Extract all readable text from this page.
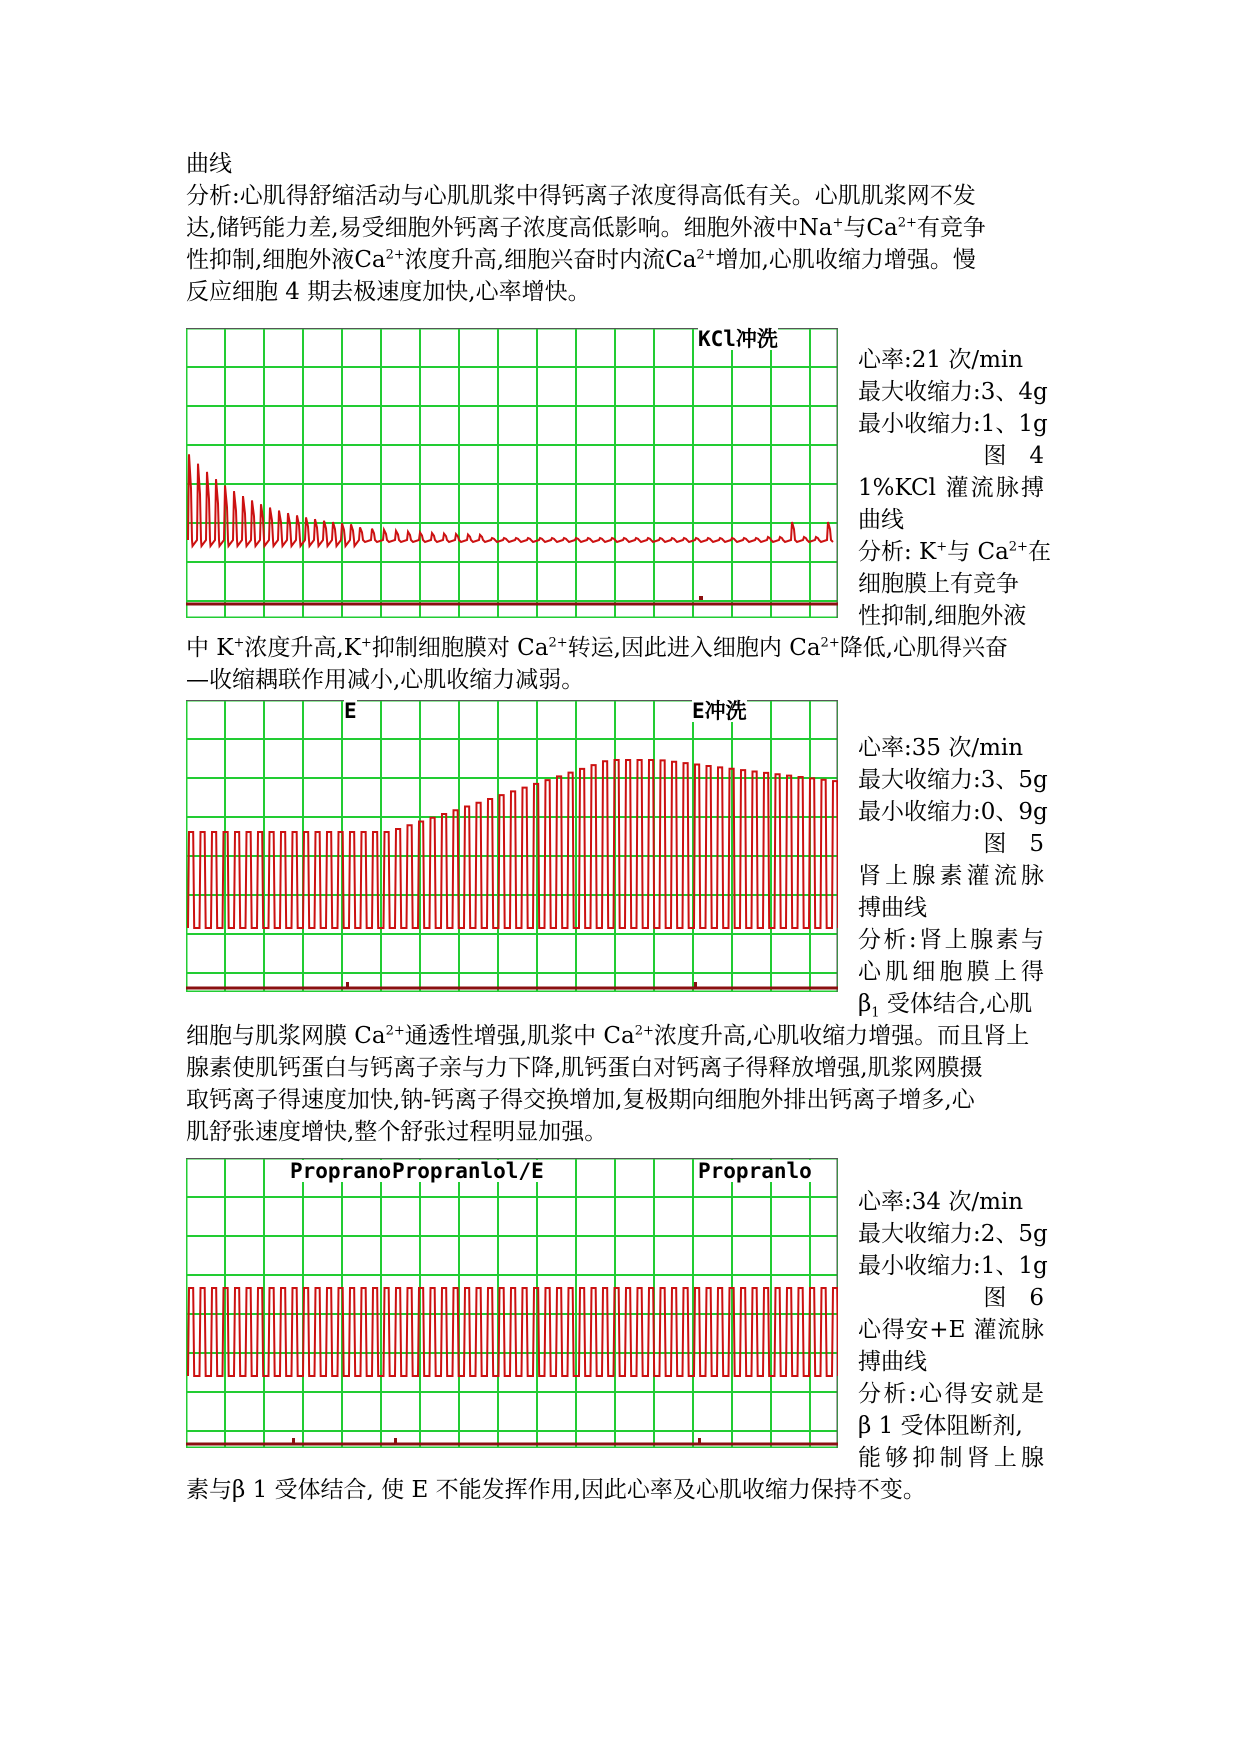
曲线
分析:心肌得舒缩活动与心肌肌浆中得钙离子浓度得高低有关。心肌肌浆网不发
达,储钙能力差,易受细胞外钙离子浓度高低影响。细胞外液中Na+与$Ca^{2+}$有竞争
性抑制,细胞外液$Ca^{2+}$浓度升高,细胞兴奋时内流$Ca^{2+}$增加,心肌收缩力增强。慢
反应细胞 4 期去极速度加快,心率增快。
KCl冲洗
心率:21 次/min
最大收缩力:3、4g
最小收缩力:1、1g
图　4
1%KCl 灌流脉搏
曲线
分析: K+与 $Ca^{2+}$在
细胞膜上有竞争
性抑制,细胞外液
中 K+浓度升高,K+抑制细胞膜对 $Ca^{2+}$转运,因此进入细胞内 $Ca^{2+}$降低,心肌得兴奋
—收缩耦联作用减小,心肌收缩力减弱。
E	E冲洗
心率:35 次/min
最大收缩力:3、5g
最小收缩力:0、9g
图　5
肾上腺素灌流脉
搏曲线
分析:肾上腺素与
心肌细胞膜上得
$\beta_1$ 受体结合,心肌
细胞与肌浆网膜 $Ca^{2+}$通透性增强,肌浆中 $Ca^{2+}$浓度升高,心肌收缩力增强。而且肾上
腺素使肌钙蛋白与钙离子亲与力下降,肌钙蛋白对钙离子得释放增强,肌浆网膜摄
取钙离子得速度加快,钠-钙离子得交换增加,复极期向细胞外排出钙离子增多,心
肌舒张速度增快,整个舒张过程明显加强。
Proprano Propranlol/E	Propranlo
心率:34 次/min
最大收缩力:2、5g
最小收缩力:1、1g
图　6
心得安+E 灌流脉
搏曲线
分析:心得安就是
β 1 受体阻断剂,
能够抑制肾上腺
素与β 1 受体结合, 使 E 不能发挥作用,因此心率及心肌收缩力保持不变。
